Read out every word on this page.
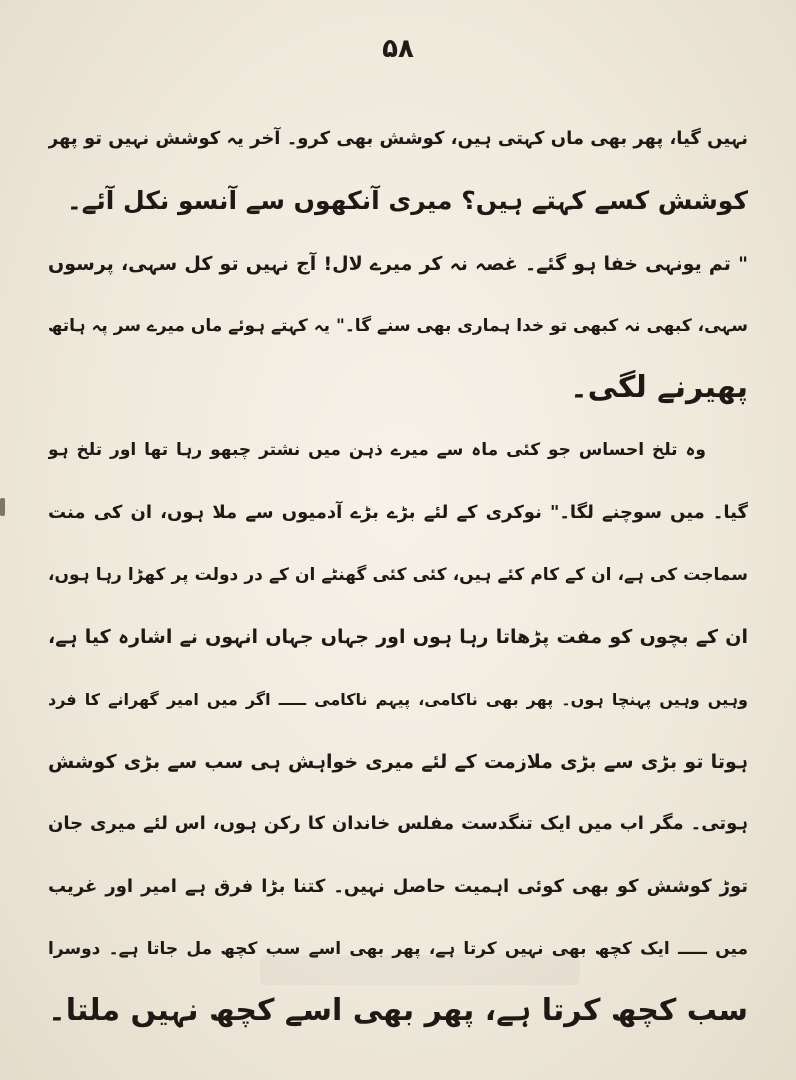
۵۸
نہیں گیا، پھر بھی ماں کہتی ہیں، کوشش بھی کرو۔ آخر یہ کوشش نہیں تو پھر
کوشش کسے کہتے ہیں؟ میری آنکھوں سے آنسو نکل آئے۔
" تم یونہی خفا ہو گئے۔ غصہ نہ کر میرے لال! آج نہیں تو کل سہی، پرسوں
سہی، کبھی نہ کبھی تو خدا ہماری بھی سنے گا۔" یہ کہتے ہوئے ماں میرے سر پہ ہاتھ
پھیرنے لگی۔
وہ تلخ احساس جو کئی ماہ سے میرے ذہن میں نشتر چبھو رہا تھا اور تلخ ہو
گیا۔ میں سوچنے لگا۔" نوکری کے لئے بڑے بڑے آدمیوں سے ملا ہوں، ان کی منت
سماجت کی ہے، ان کے کام کئے ہیں، کئی کئی گھنٹے ان کے در دولت پر کھڑا رہا ہوں،
ان کے بچوں کو مفت پڑھاتا رہا ہوں اور جہاں جہاں انہوں نے اشارہ کیا ہے،
وہیں وہیں پہنچا ہوں۔ پھر بھی ناکامی، پیہم ناکامی ـــــ اگر میں امیر گھرانے کا فرد
ہوتا تو بڑی سے بڑی ملازمت کے لئے میری خواہش ہی سب سے بڑی کوشش
ہوتی۔ مگر اب میں ایک تنگدست مفلس خاندان کا رکن ہوں، اس لئے میری جان
توڑ کوشش کو بھی کوئی اہمیت حاصل نہیں۔ کتنا بڑا فرق ہے امیر اور غریب
میں ـــــ ایک کچھ بھی نہیں کرتا ہے، پھر بھی اسے سب کچھ مل جاتا ہے۔ دوسرا
سب کچھ کرتا ہے، پھر بھی اسے کچھ نہیں ملتا۔
